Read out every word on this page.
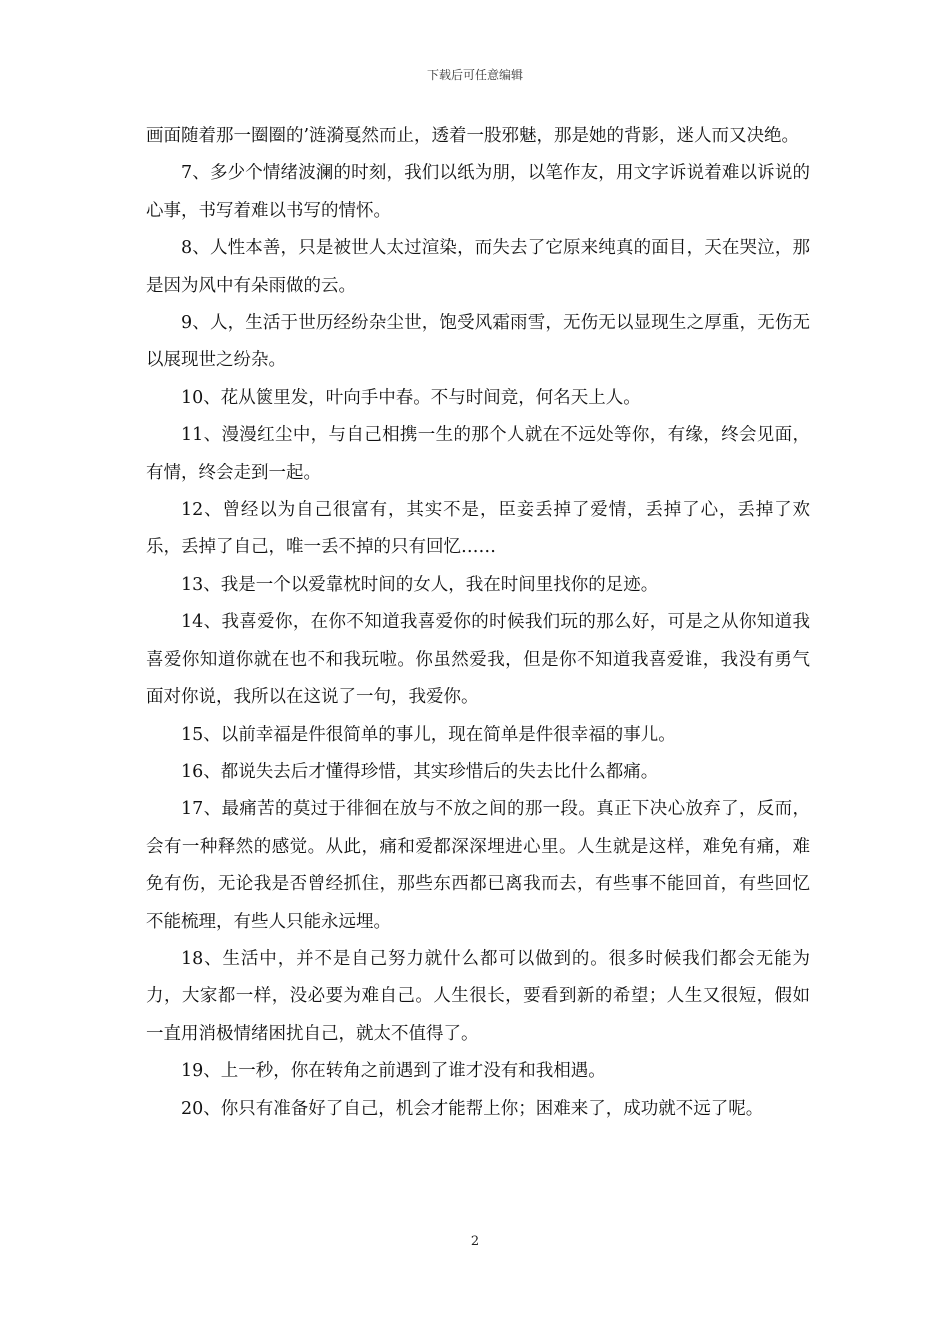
下载后可任意编辑

画面随着那一圈圈的’涟漪戛然而止，透着一股邪魅，那是她的背影，迷人而又决绝。

7、多少个情绪波澜的时刻，我们以纸为朋，以笔作友，用文字诉说着难以诉说的心事，书写着难以书写的情怀。

8、人性本善，只是被世人太过渲染，而失去了它原来纯真的面目，天在哭泣，那是因为风中有朵雨做的云。

9、人，生活于世历经纷杂尘世，饱受风霜雨雪，无伤无以显现生之厚重，无伤无以展现世之纷杂。

10、花从篋里发，叶向手中春。不与时间竞，何名天上人。

11、漫漫红尘中，与自己相携一生的那个人就在不远处等你，有缘，终会见面，有情，终会走到一起。

12、曾经以为自己很富有，其实不是，臣妾丢掉了爱情，丢掉了心，丢掉了欢乐，丢掉了自己，唯一丢不掉的只有回忆……

13、我是一个以爱靠枕时间的女人，我在时间里找你的足迹。

14、我喜爱你，在你不知道我喜爱你的时候我们玩的那么好，可是之从你知道我喜爱你知道你就在也不和我玩啦。你虽然爱我，但是你不知道我喜爱谁，我没有勇气面对你说，我所以在这说了一句，我爱你。

15、以前幸福是件很简单的事儿，现在简单是件很幸福的事儿。

16、都说失去后才懂得珍惜，其实珍惜后的失去比什么都痛。

17、最痛苦的莫过于徘徊在放与不放之间的那一段。真正下决心放弃了，反而，会有一种释然的感觉。从此，痛和爱都深深埋进心里。人生就是这样，难免有痛，难免有伤，无论我是否曾经抓住，那些东西都已离我而去，有些事不能回首，有些回忆不能梳理，有些人只能永远埋。

18、生活中，并不是自己努力就什么都可以做到的。很多时候我们都会无能为力，大家都一样，没必要为难自己。人生很长，要看到新的希望；人生又很短，假如一直用消极情绪困扰自己，就太不值得了。

19、上一秒，你在转角之前遇到了谁才没有和我相遇。

20、你只有准备好了自己，机会才能帮上你；困难来了，成功就不远了呢。

2
